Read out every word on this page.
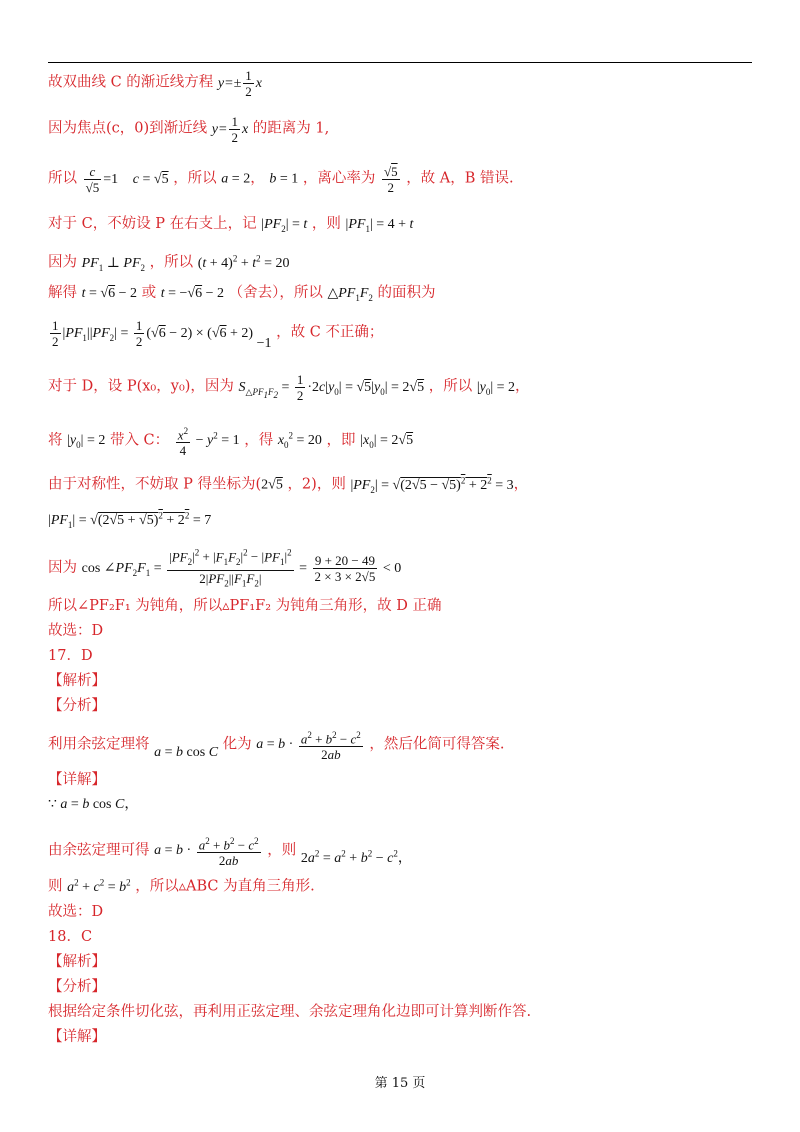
故双曲线 C 的渐近线方程 $y=\pm \frac{1}{2}$ x
因为焦点(c，0)到渐近线 $y= \frac{1}{2}$ x 的距离为 1,
所以 $\frac{c}{√5} =1$ c = √5 ，所以 a = 2， b = 1 ，离心率为 $\frac{√5}{2}$ ，故 A，B 错误.
对于 C，不妨设 P 在右支上，记 $|PF_2| = t$ ，则 $|PF_1| = 4 + t$
因为 $PF_1$ ⊥ $PF_2$ ，所以 $(t + 4)^2 + t^2 = 20$
解得 t = √6 − 2 或 t = −√6 − 2 （舍去），所以 $\triangle PF_1F_2$ 的面积为
$\frac{1}{2} |PF_1||PF_2| = \frac{1}{2} (√6 - 2) \times (√6 + 2) -1$ ，故 C 不正确；
对于 D，设 P(x₀，y₀)，因为 $S_{\triangle PF_1F_2} = \frac{1}{2} \cdot 2c|y_0| = √5|y_0| = 2√5$ ，所以 $|y_0| = 2$，
将 $|y_0| = 2$ 带入 C： $\frac{x^2}{4} - y^2 = 1$ ，得 $x_0^2 = 20$ ，即 $|x_0| = 2√5$
由于对称性，不妨取 P 得坐标为(2√5 ，2)，则 $|PF_2| = √(2√5 - √5)^2 + 2^2 = 3$，
$|PF_1| = √(2√5 + √5)^2 + 2^2 = 7$
因为 $\cos \angle PF_2F_1 = \frac{|PF_2|^2 + |F_1F_2|^2 - |PF_1|^2}{2|PF_2||F_1F_2|} = \frac{9 + 20 - 49}{2 \times 3 \times 2√5} < 0$
所以∠PF₂F₁ 为钝角，所以▵PF₁F₂ 为钝角三角形，故 D 正确
故选：D
17．D
【解析】
【分析】
利用余弦定理将 a = b cos C 化为 $a = b \cdot \frac{a^2 + b^2 - c^2}{2ab}$ ，然后化简可得答案.
【详解】
∵ a = b cos C，
由余弦定理可得 $a = b \cdot \frac{a^2 + b^2 - c^2}{2ab}$ ，则 $2a^2 = a^2 + b^2 - c^2$，
则 $a^2 + c^2 = b^2$ ，所以▵ABC 为直角三角形.
故选：D
18．C
【解析】
【分析】
根据给定条件切化弦，再利用正弦定理、余弦定理角化边即可计算判断作答.
【详解】
第 15 页
